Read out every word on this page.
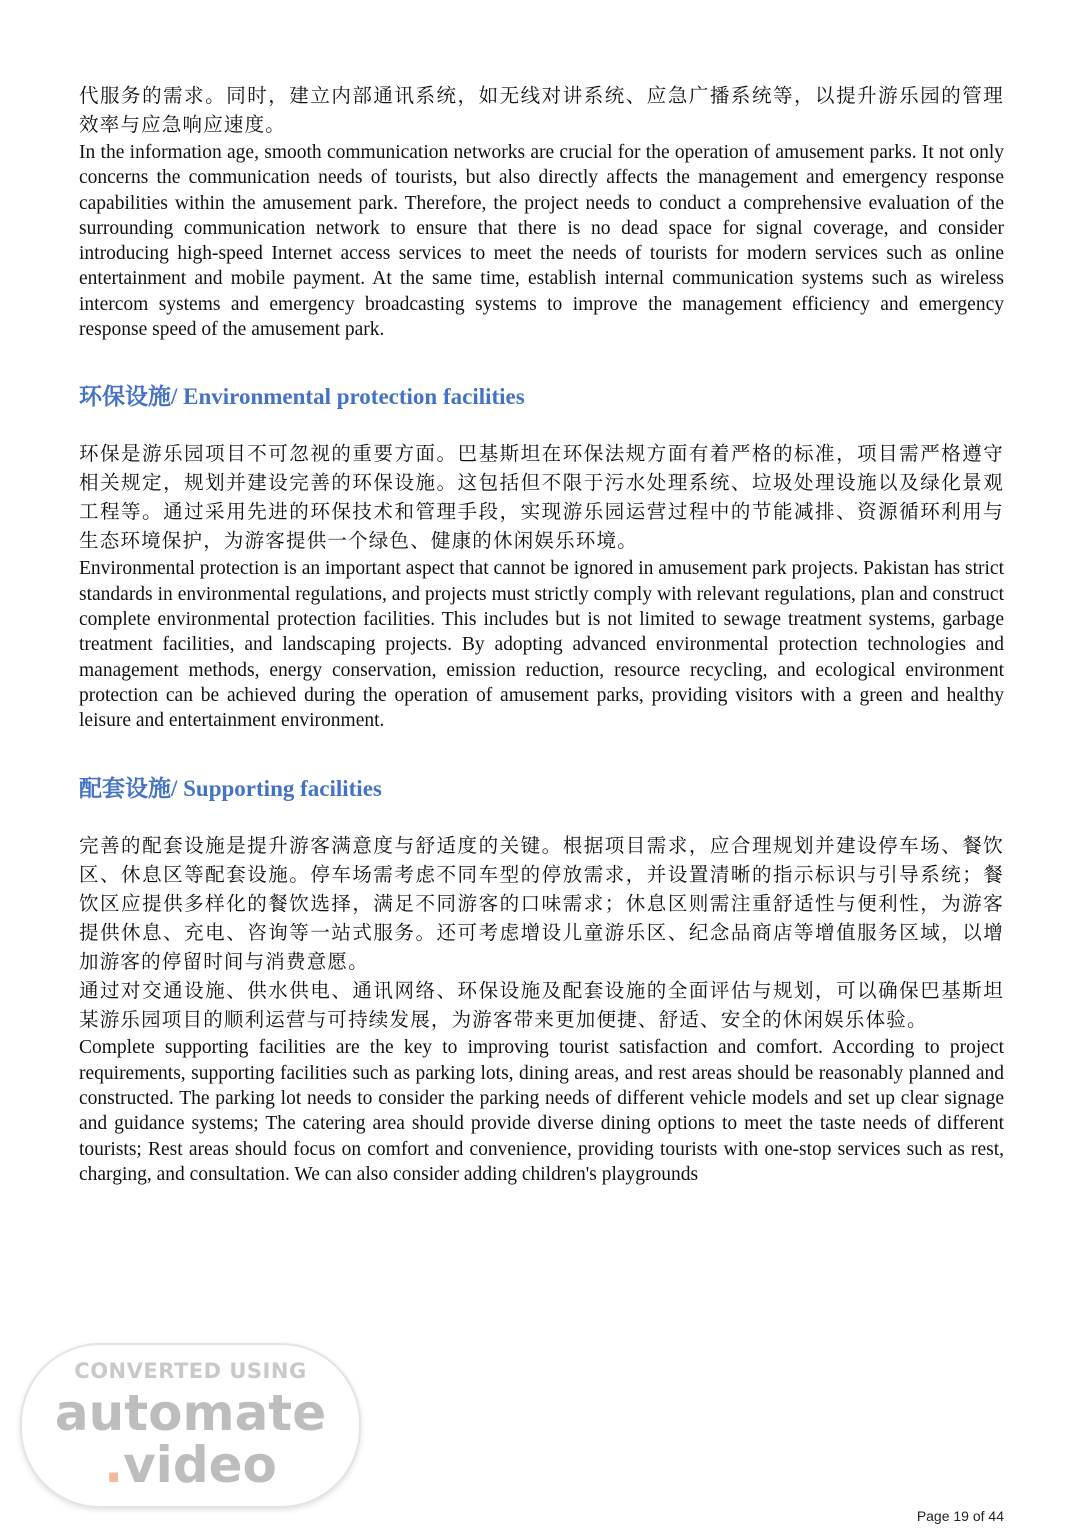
代服务的需求。同时，建立内部通讯系统，如无线对讲系统、应急广播系统等，以提升游乐园的管理效率与应急响应速度。

In the information age, smooth communication networks are crucial for the operation of amusement parks. It not only concerns the communication needs of tourists, but also directly affects the management and emergency response capabilities within the amusement park. Therefore, the project needs to conduct a comprehensive evaluation of the surrounding communication network to ensure that there is no dead space for signal coverage, and consider introducing high-speed Internet access services to meet the needs of tourists for modern services such as online entertainment and mobile payment. At the same time, establish internal communication systems such as wireless intercom systems and emergency broadcasting systems to improve the management efficiency and emergency response speed of the amusement park.

环保设施/ Environmental protection facilities

环保是游乐园项目不可忽视的重要方面。巴基斯坦在环保法规方面有着严格的标准，项目需严格遵守相关规定，规划并建设完善的环保设施。这包括但不限于污水处理系统、垃圾处理设施以及绿化景观工程等。通过采用先进的环保技术和管理手段，实现游乐园运营过程中的节能减排、资源循环利用与生态环境保护，为游客提供一个绿色、健康的休闲娱乐环境。

Environmental protection is an important aspect that cannot be ignored in amusement park projects. Pakistan has strict standards in environmental regulations, and projects must strictly comply with relevant regulations, plan and construct complete environmental protection facilities. This includes but is not limited to sewage treatment systems, garbage treatment facilities, and landscaping projects. By adopting advanced environmental protection technologies and management methods, energy conservation, emission reduction, resource recycling, and ecological environment protection can be achieved during the operation of amusement parks, providing visitors with a green and healthy leisure and entertainment environment.

配套设施/ Supporting facilities

完善的配套设施是提升游客满意度与舒适度的关键。根据项目需求，应合理规划并建设停车场、餐饮区、休息区等配套设施。停车场需考虑不同车型的停放需求，并设置清晰的指示标识与引导系统；餐饮区应提供多样化的餐饮选择，满足不同游客的口味需求；休息区则需注重舒适性与便利性，为游客提供休息、充电、咨询等一站式服务。还可考虑增设儿童游乐区、纪念品商店等增值服务区域，以增加游客的停留时间与消费意愿。

通过对交通设施、供水供电、通讯网络、环保设施及配套设施的全面评估与规划，可以确保巴基斯坦某游乐园项目的顺利运营与可持续发展，为游客带来更加便捷、舒适、安全的休闲娱乐体验。

Complete supporting facilities are the key to improving tourist satisfaction and comfort. According to project requirements, supporting facilities such as parking lots, dining areas, and rest areas should be reasonably planned and constructed. The parking lot needs to consider the parking needs of different vehicle models and set up clear signage and guidance systems; The catering area should provide diverse dining options to meet the taste needs of different tourists; Rest areas should focus on comfort and convenience, providing tourists with one-stop services such as rest, charging, and consultation. We can also consider adding children's playgrounds

CONVERTED USING
automate
.video
Page 19 of 44
